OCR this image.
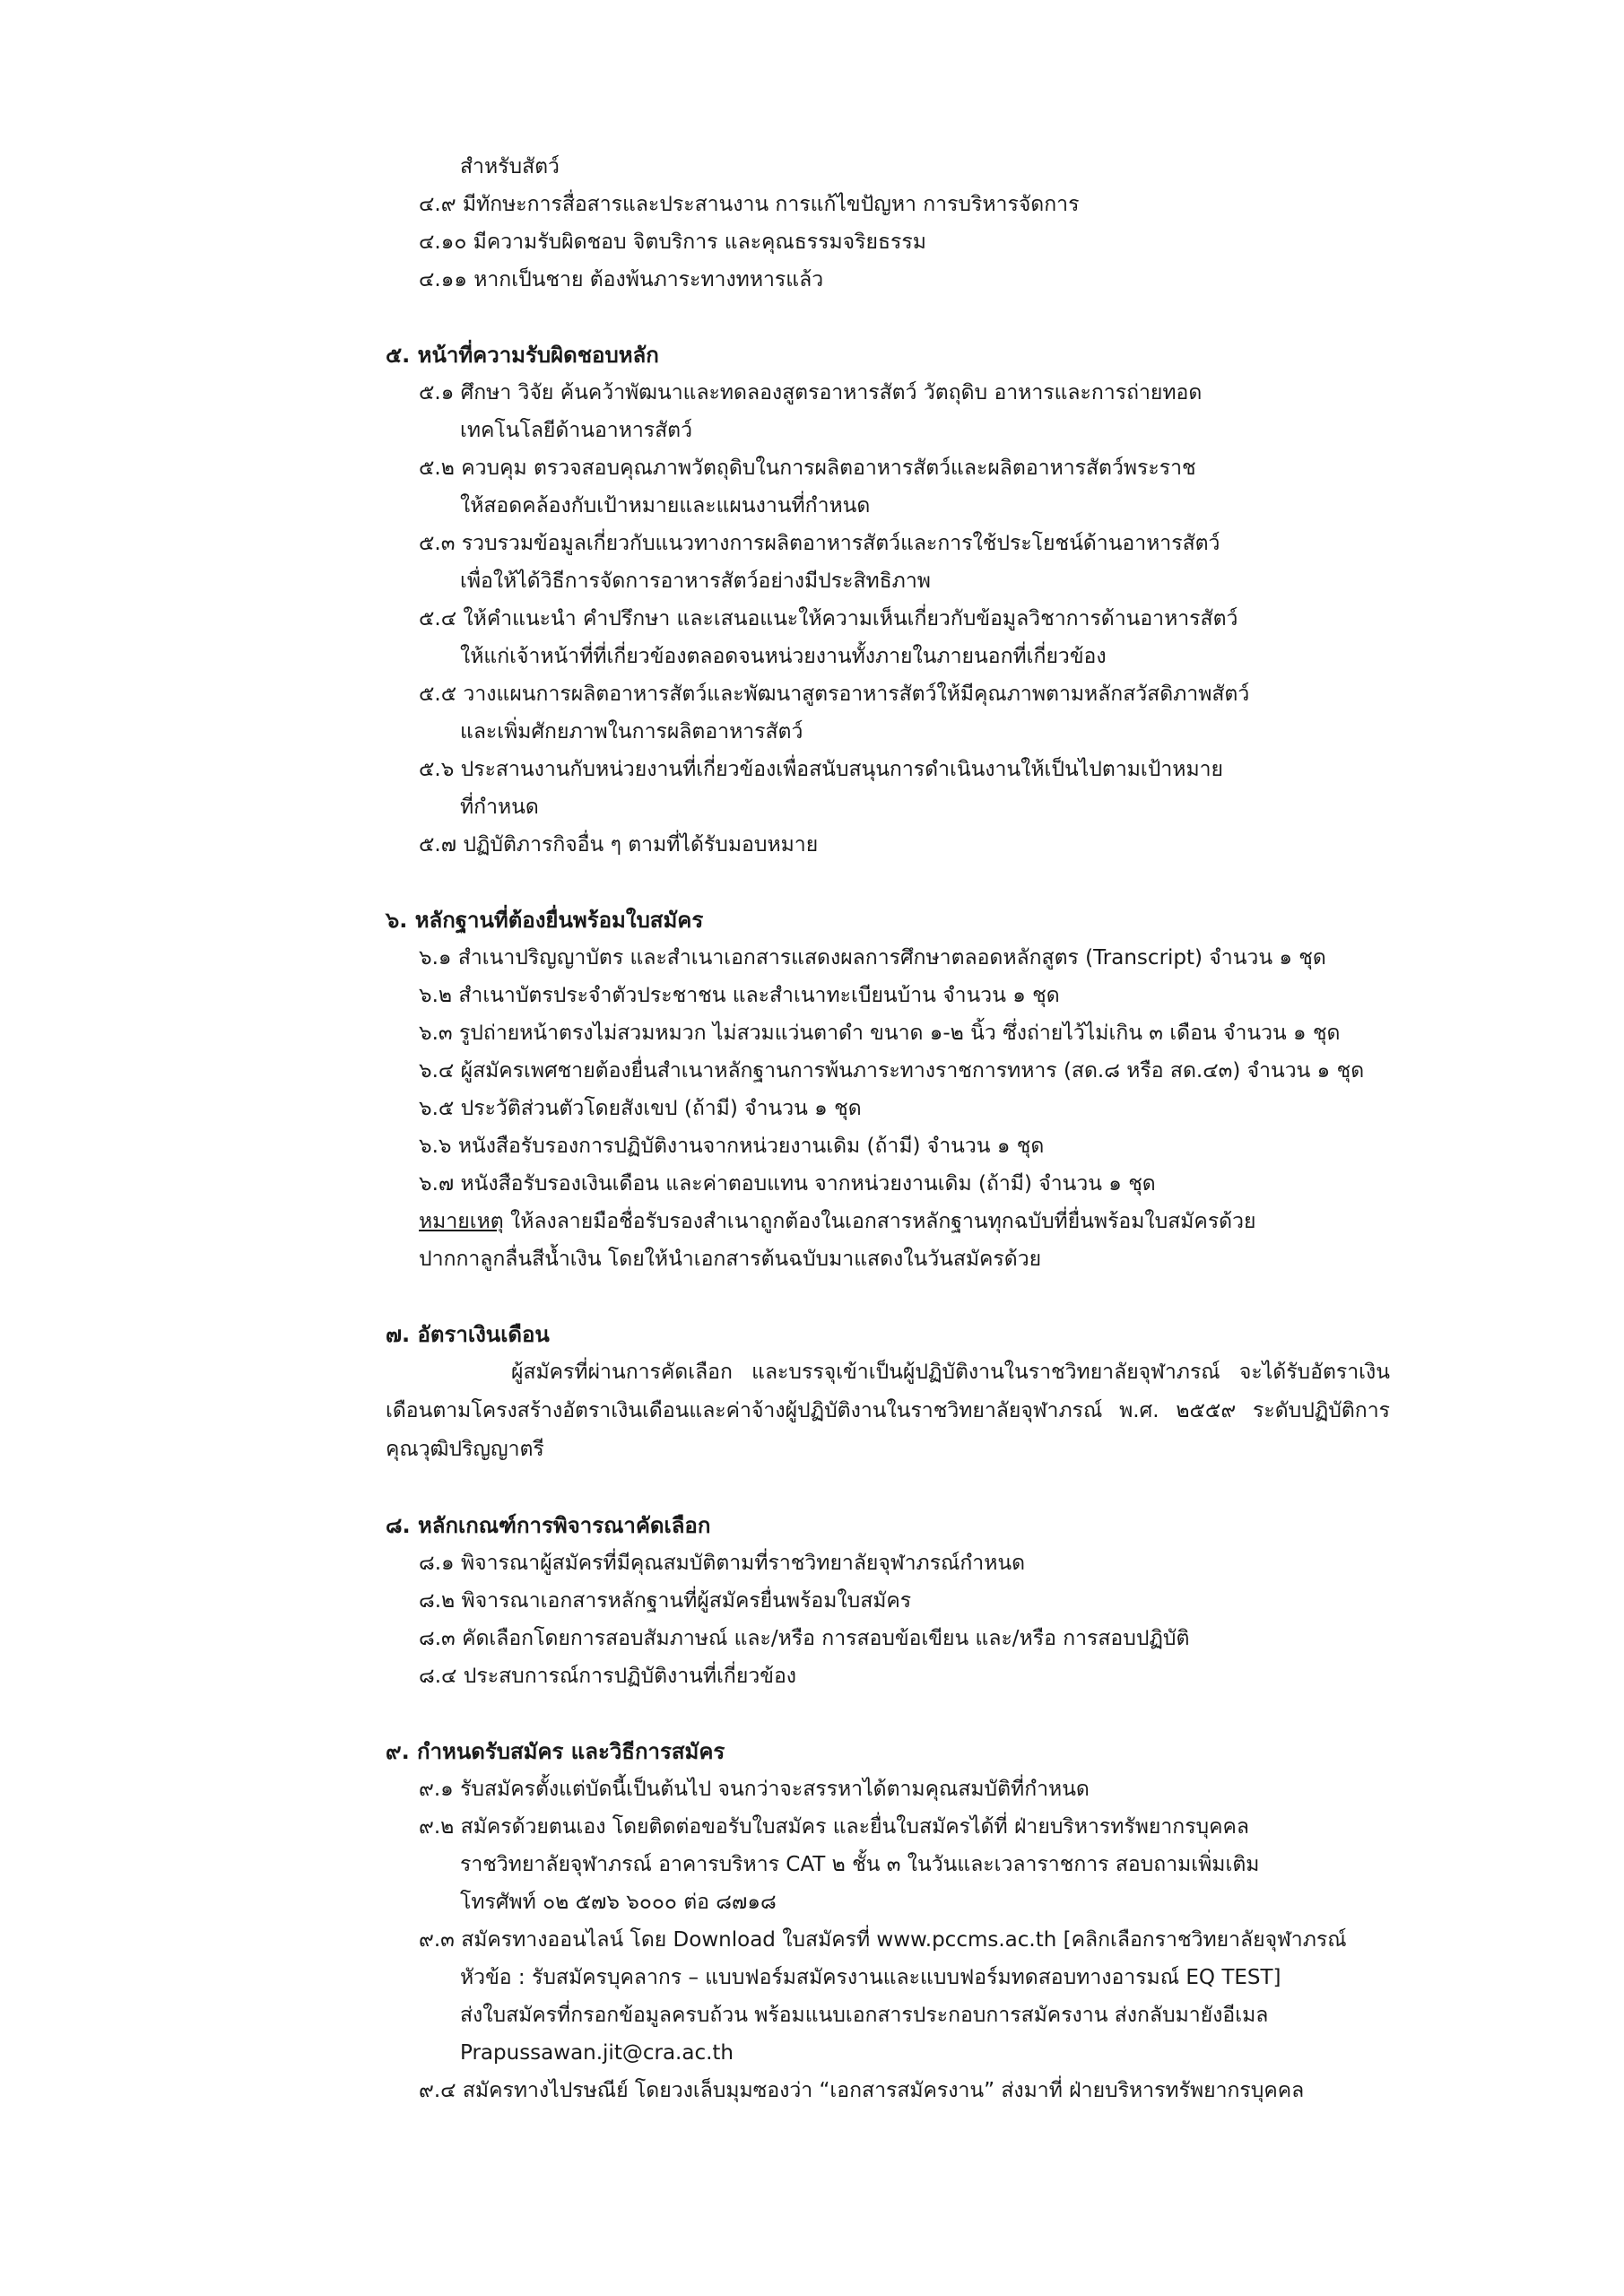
สำหรับสัตว์
๔.๙ มีทักษะการสื่อสารและประสานงาน การแก้ไขปัญหา การบริหารจัดการ
๔.๑๐ มีความรับผิดชอบ จิตบริการ และคุณธรรมจริยธรรม
๔.๑๑ หากเป็นชาย ต้องพ้นภาระทางทหารแล้ว
๕. หน้าที่ความรับผิดชอบหลัก
๕.๑ ศึกษา วิจัย ค้นคว้าพัฒนาและทดลองสูตรอาหารสัตว์ วัตถุดิบ อาหารและการถ่ายทอด
เทคโนโลยีด้านอาหารสัตว์
๕.๒ ควบคุม ตรวจสอบคุณภาพวัตถุดิบในการผลิตอาหารสัตว์และผลิตอาหารสัตว์พระราช
ให้สอดคล้องกับเป้าหมายและแผนงานที่กำหนด
๕.๓ รวบรวมข้อมูลเกี่ยวกับแนวทางการผลิตอาหารสัตว์และการใช้ประโยชน์ด้านอาหารสัตว์
เพื่อให้ได้วิธีการจัดการอาหารสัตว์อย่างมีประสิทธิภาพ
๕.๔ ให้คำแนะนำ คำปรึกษา และเสนอแนะให้ความเห็นเกี่ยวกับข้อมูลวิชาการด้านอาหารสัตว์
ให้แก่เจ้าหน้าที่ที่เกี่ยวข้องตลอดจนหน่วยงานทั้งภายในภายนอกที่เกี่ยวข้อง
๕.๕ วางแผนการผลิตอาหารสัตว์และพัฒนาสูตรอาหารสัตว์ให้มีคุณภาพตามหลักสวัสดิภาพสัตว์
และเพิ่มศักยภาพในการผลิตอาหารสัตว์
๕.๖ ประสานงานกับหน่วยงานที่เกี่ยวข้องเพื่อสนับสนุนการดำเนินงานให้เป็นไปตามเป้าหมาย
ที่กำหนด
๕.๗ ปฏิบัติภารกิจอื่น ๆ ตามที่ได้รับมอบหมาย
๖. หลักฐานที่ต้องยื่นพร้อมใบสมัคร
๖.๑ สำเนาปริญญาบัตร และสำเนาเอกสารแสดงผลการศึกษาตลอดหลักสูตร (Transcript) จำนวน ๑ ชุด
๖.๒ สำเนาบัตรประจำตัวประชาชน และสำเนาทะเบียนบ้าน จำนวน ๑ ชุด
๖.๓ รูปถ่ายหน้าตรงไม่สวมหมวก ไม่สวมแว่นตาดำ ขนาด ๑-๒ นิ้ว ซึ่งถ่ายไว้ไม่เกิน ๓ เดือน จำนวน ๑ ชุด
๖.๔ ผู้สมัครเพศชายต้องยื่นสำเนาหลักฐานการพ้นภาระทางราชการทหาร (สด.๘ หรือ สด.๔๓) จำนวน ๑ ชุด
๖.๕ ประวัติส่วนตัวโดยสังเขป (ถ้ามี) จำนวน ๑ ชุด
๖.๖ หนังสือรับรองการปฏิบัติงานจากหน่วยงานเดิม (ถ้ามี) จำนวน ๑ ชุด
๖.๗ หนังสือรับรองเงินเดือน และค่าตอบแทน จากหน่วยงานเดิม (ถ้ามี) จำนวน ๑ ชุด
หมายเหตุ ให้ลงลายมือชื่อรับรองสำเนาถูกต้องในเอกสารหลักฐานทุกฉบับที่ยื่นพร้อมใบสมัครด้วย
ปากกาลูกลื่นสีน้ำเงิน โดยให้นำเอกสารต้นฉบับมาแสดงในวันสมัครด้วย
๗. อัตราเงินเดือน
ผู้สมัครที่ผ่านการคัดเลือก และบรรจุเข้าเป็นผู้ปฏิบัติงานในราชวิทยาลัยจุฬาภรณ์ จะได้รับอัตราเงินเดือนตามโครงสร้างอัตราเงินเดือนและค่าจ้างผู้ปฏิบัติงานในราชวิทยาลัยจุฬาภรณ์ พ.ศ. ๒๕๕๙ ระดับปฏิบัติการ คุณวุฒิปริญญาตรี
๘. หลักเกณฑ์การพิจารณาคัดเลือก
๘.๑ พิจารณาผู้สมัครที่มีคุณสมบัติตามที่ราชวิทยาลัยจุฬาภรณ์กำหนด
๘.๒ พิจารณาเอกสารหลักฐานที่ผู้สมัครยื่นพร้อมใบสมัคร
๘.๓ คัดเลือกโดยการสอบสัมภาษณ์ และ/หรือ การสอบข้อเขียน และ/หรือ การสอบปฏิบัติ
๘.๔ ประสบการณ์การปฏิบัติงานที่เกี่ยวข้อง
๙. กำหนดรับสมัคร และวิธีการสมัคร
๙.๑ รับสมัครตั้งแต่บัดนี้เป็นต้นไป จนกว่าจะสรรหาได้ตามคุณสมบัติที่กำหนด
๙.๒ สมัครด้วยตนเอง โดยติดต่อขอรับใบสมัคร และยื่นใบสมัครได้ที่ ฝ่ายบริหารทรัพยากรบุคคล
ราชวิทยาลัยจุฬาภรณ์ อาคารบริหาร CAT ๒ ชั้น ๓ ในวันและเวลาราชการ สอบถามเพิ่มเติม
โทรศัพท์ ๐๒ ๕๗๖ ๖๐๐๐ ต่อ ๘๗๑๘
๙.๓ สมัครทางออนไลน์ โดย Download ใบสมัครที่ www.pccms.ac.th [คลิกเลือกราชวิทยาลัยจุฬาภรณ์
หัวข้อ : รับสมัครบุคลากร – แบบฟอร์มสมัครงานและแบบฟอร์มทดสอบทางอารมณ์ EQ TEST]
ส่งใบสมัครที่กรอกข้อมูลครบถ้วน พร้อมแนบเอกสารประกอบการสมัครงาน ส่งกลับมายังอีเมล
Prapussawan.jit@cra.ac.th
๙.๔ สมัครทางไปรษณีย์ โดยวงเล็บมุมซองว่า “เอกสารสมัครงาน” ส่งมาที่ ฝ่ายบริหารทรัพยากรบุคคล
